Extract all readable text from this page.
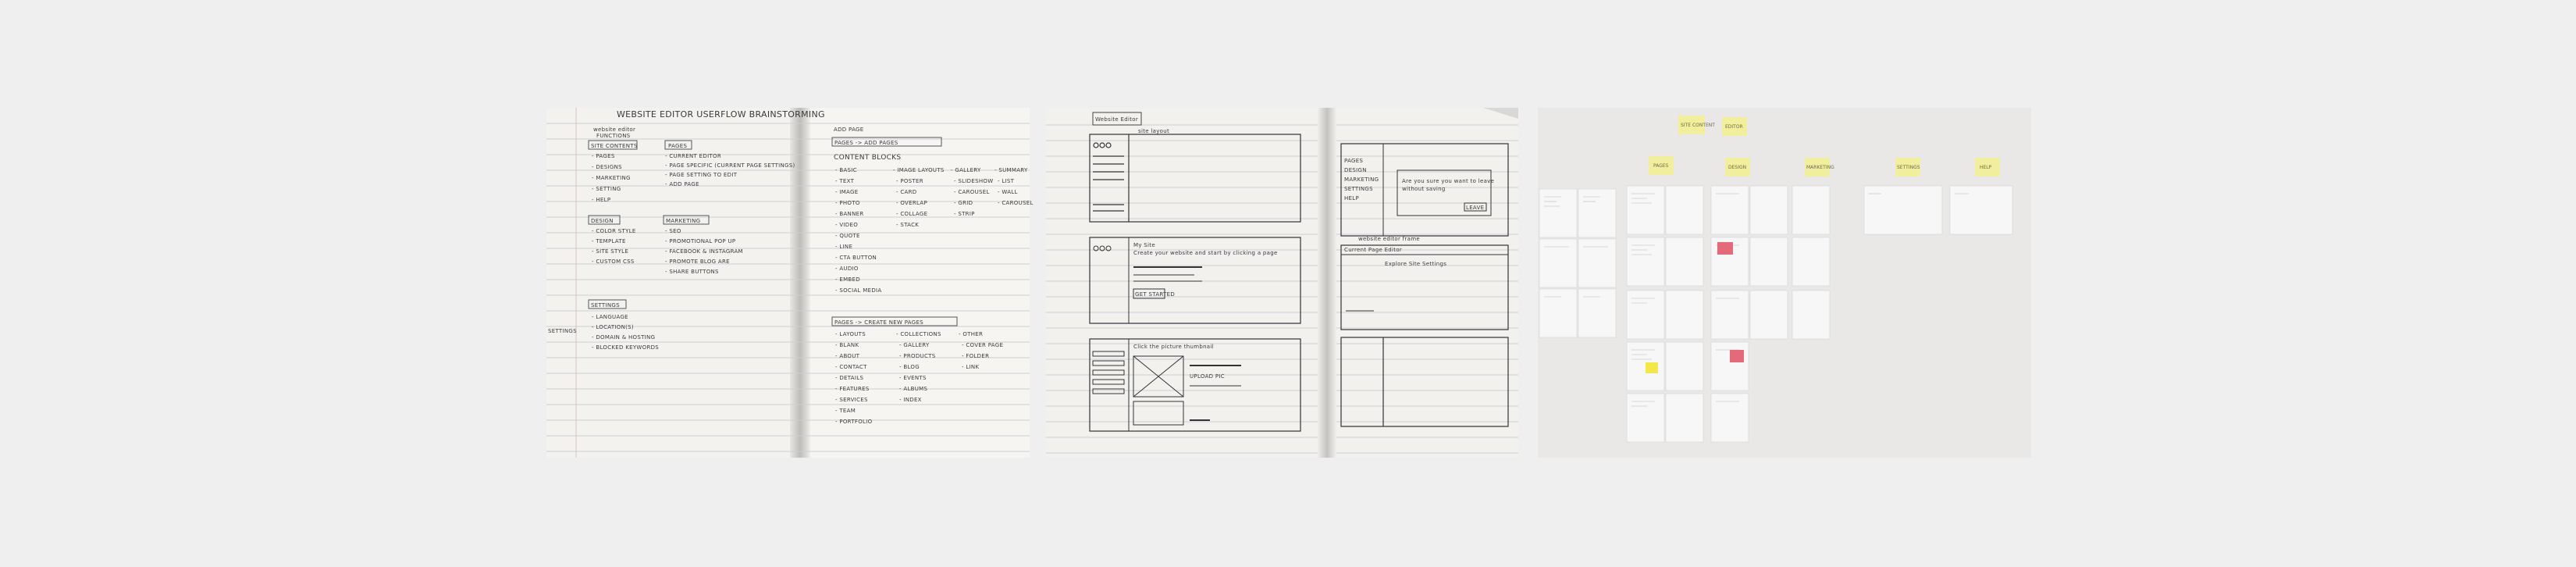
WEBSITE EDITOR USERFLOW BRAINSTORMING
website editor
FUNCTIONS
SITE CONTENTS
- PAGES
- DESIGNS
- MARKETING
- SETTING
- HELP
PAGES
- CURRENT EDITOR
- PAGE SPECIFIC (CURRENT PAGE SETTINGS)
- PAGE SETTING TO EDIT
- ADD PAGE
DESIGN
- COLOR STYLE
- TEMPLATE
- SITE STYLE
- CUSTOM CSS
MARKETING
- SEO
- PROMOTIONAL POP UP
- FACEBOOK & INSTAGRAM
- PROMOTE BLOG ARE
- SHARE BUTTONS
SETTINGS
SETTINGS
- LANGUAGE
- LOCATION(S)
- DOMAIN & HOSTING
- BLOCKED KEYWORDS
ADD PAGE
PAGES -> ADD PAGES
CONTENT BLOCKS
- BASIC
- TEXT
- IMAGE
- PHOTO
- BANNER
- VIDEO
- QUOTE
- LINE
- CTA BUTTON
- AUDIO
- EMBED
- SOCIAL MEDIA
- IMAGE LAYOUTS
- POSTER
- CARD
- OVERLAP
- COLLAGE
- STACK
- GALLERY
- SLIDESHOW
- CAROUSEL
- GRID
- STRIP
- SUMMARY
- LIST
- WALL
- CAROUSEL
PAGES -> CREATE NEW PAGES
- LAYOUTS
- BLANK
- ABOUT
- CONTACT
- DETAILS
- FEATURES
- SERVICES
- TEAM
- PORTFOLIO
- COLLECTIONS
- GALLERY
- PRODUCTS
- BLOG
- EVENTS
- ALBUMS
- INDEX
- OTHER
- COVER PAGE
- FOLDER
- LINK
Website Editor
site layout
My Site
Create your website and start by clicking a page
GET STARTED
Click the picture thumbnail
UPLOAD PIC
PAGES
DESIGN
MARKETING
SETTINGS
HELP
Are you sure you want to leave
without saving
LEAVE
website editor frame
Current Page Editor
Explore Site Settings
SITE CONTENT EDITOR
PAGES	DESIGN	MARKETING	SETTINGS	HELP
